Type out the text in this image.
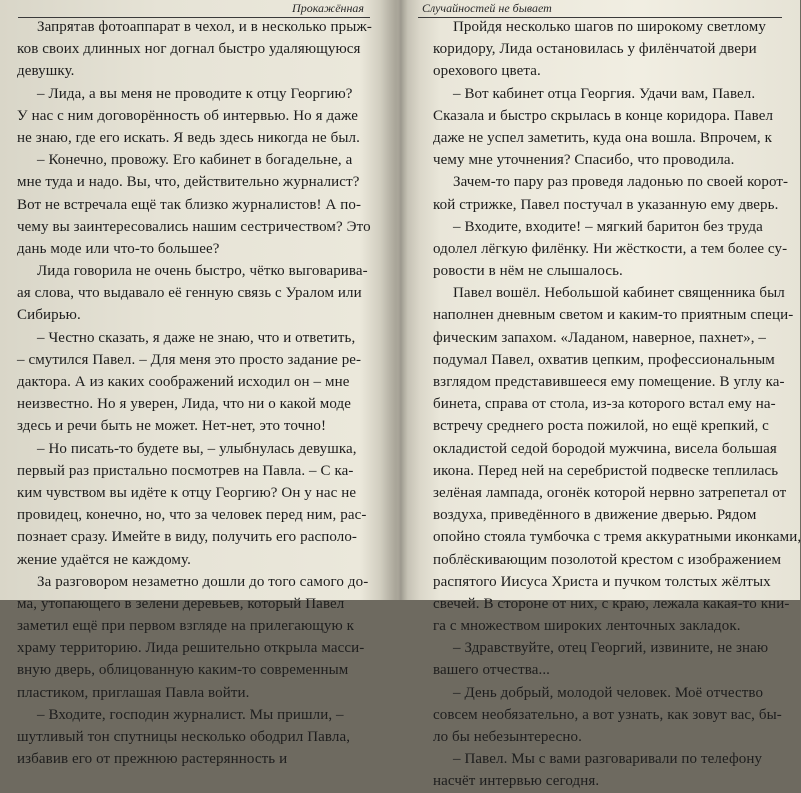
Прокажённая
Запрятав фотоаппарат в чехол, и в несколько прыж-
ков своих длинных ног догнал быстро удаляющуюся
девушку.
– Лида, а вы меня не проводите к отцу Георгию?
У нас с ним договорённость об интервью. Но я даже
не знаю, где его искать. Я ведь здесь никогда не был.
– Конечно, провожу. Его кабинет в богадельне, а
мне туда и надо. Вы, что, действительно журналист?
Вот не встречала ещё так близко журналистов! А по-
чему вы заинтересовались нашим сестричеством? Это
дань моде или что-то большее?
Лида говорила не очень быстро, чётко выговарива-
ая слова, что выдавало её генную связь с Уралом или
Сибирью.
– Честно сказать, я даже не знаю, что и ответить,
– смутился Павел. – Для меня это просто задание ре-
дактора. А из каких соображений исходил он – мне
неизвестно. Но я уверен, Лида, что ни о какой моде
здесь и речи быть не может. Нет-нет, это точно!
– Но писать-то будете вы, – улыбнулась девушка,
первый раз пристально посмотрев на Павла. – С ка-
ким чувством вы идёте к отцу Георгию? Он у нас не
провидец, конечно, но, что за человек перед ним, рас-
познает сразу. Имейте в виду, получить его располо-
жение удаётся не каждому.
За разговором незаметно дошли до того самого до-
ма, утопающего в зелени деревьев, который Павел
заметил ещё при первом взгляде на прилегающую к
храму территорию. Лида решительно открыла масси-
вную дверь, облицованную каким-то современным
пластиком, приглашая Павла войти.
– Входите, господин журналист. Мы пришли, –
шутливый тон спутницы несколько ободрил Павла,
избавив его от прежнюю растерянность и
Случайностей не бывает
Пройдя несколько шагов по широкому светлому
коридору, Лида остановилась у филёнчатой двери
орехового цвета.
– Вот кабинет отца Георгия. Удачи вам, Павел.
Сказала и быстро скрылась в конце коридора. Павел
даже не успел заметить, куда она вошла. Впрочем, к
чему мне уточнения? Спасибо, что проводила.
Зачем-то пару раз проведя ладонью по своей корот-
кой стрижке, Павел постучал в указанную ему дверь.
– Входите, входите! – мягкий баритон без труда
одолел лёгкую филёнку. Ни жёсткости, а тем более су-
ровости в нём не слышалось.
Павел вошёл. Небольшой кабинет священника был
наполнен дневным светом и каким-то приятным специ-
фическим запахом. «Ладаном, наверное, пахнет», –
подумал Павел, охватив цепким, профессиональным
взглядом представившееся ему помещение. В углу ка-
бинета, справа от стола, из-за которого встал ему на-
встречу среднего роста пожилой, но ещё крепкий, с
окладистой седой бородой мужчина, висела большая
икона. Перед ней на серебристой подвеске теплилась
зелёная лампада, огонёк которой нервно затрепетал от
воздуха, приведённого в движение дверью. Рядом
опойно стояла тумбочка с тремя аккуратными иконками,
поблёскивающим позолотой крестом с изображением
распятого Иисуса Христа и пучком толстых жёлтых
свечей. В стороне от них, с краю, лежала какая-то кни-
га с множеством широких ленточных закладок.
– Здравствуйте, отец Георгий, извините, не знаю
вашего отчества...
– День добрый, молодой человек. Моё отчество
совсем необязательно, а вот узнать, как зовут вас, бы-
ло бы небезынтересно.
– Павел. Мы с вами разговаривали по телефону
насчёт интервью сегодня.
